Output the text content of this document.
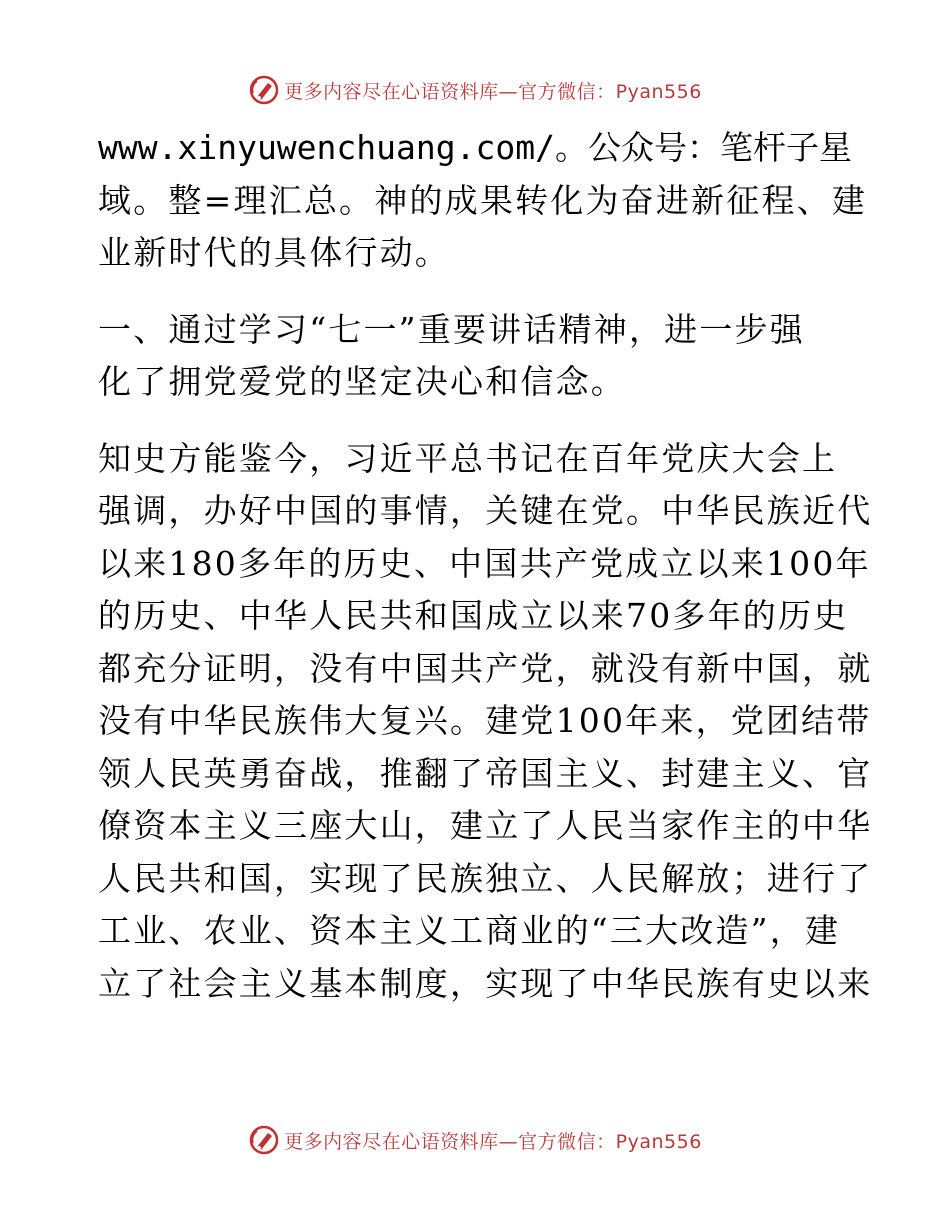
更多内容尽在心语资料库—官方微信：Pyan556
www.xinyuwenchuang.com/。公众号：笔杆子星
域。整=理汇总。神的成果转化为奋进新征程、建
业新时代的具体行动。
一、通过学习“七一”重要讲话精神，进一步强
化了拥党爱党的坚定决心和信念。
知史方能鉴今，习近平总书记在百年党庆大会上
强调，办好中国的事情，关键在党。中华民族近代
以来180多年的历史、中国共产党成立以来100年
的历史、中华人民共和国成立以来70多年的历史
都充分证明，没有中国共产党，就没有新中国，就
没有中华民族伟大复兴。建党100年来，党团结带
领人民英勇奋战，推翻了帝国主义、封建主义、官
僚资本主义三座大山，建立了人民当家作主的中华
人民共和国，实现了民族独立、人民解放；进行了
工业、农业、资本主义工商业的“三大改造”，建
立了社会主义基本制度，实现了中华民族有史以来
更多内容尽在心语资料库—官方微信：Pyan556
